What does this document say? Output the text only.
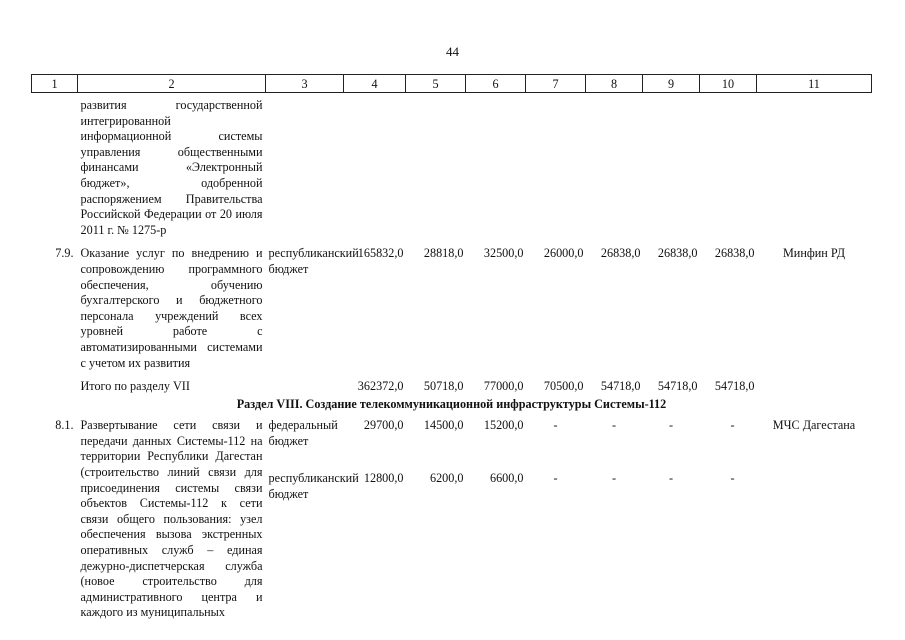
44
1	2	3	4	5	6	7	8	9	10	11
	развития государственной интегрированной информационной системы управления общественными финансами «Электронный бюджет», одобренной распоряжением Правительства Российской Федерации от 20 июля 2011 г. № 1275-р									

7.9.	Оказание услуг по внедрению и сопровождению программного обеспечения, обучению бухгалтерского и бюджетного персонала учреждений всех уровней работе с автоматизированными системами с учетом их развития	республиканский бюджет	165832,0	28818,0	32500,0	26000,0	26838,0	26838,0	26838,0	Минфин РД

	Итого по разделу VII		362372,0	50718,0	77000,0	70500,0	54718,0	54718,0	54718,0	
Раздел VIII. Создание телекоммуникационной инфраструктуры Системы-112										
8.1.	Развертывание сети связи и передачи данных Системы-112 на территории Республики Дагестан (строительство линий связи для присоединения системы связи объектов Системы-112 к сети связи общего пользования: узел обеспечения вызова экстренных оперативных служб – единая дежурно-диспетчерская служба (новое строительство для административного центра и каждого из муниципальных	федеральный бюджет	29700,0	14500,0	15200,0	-	-	-	-	МЧС Дагестана

		республиканский бюджет	12800,0	6200,0	6600,0	-	-	-	-	
